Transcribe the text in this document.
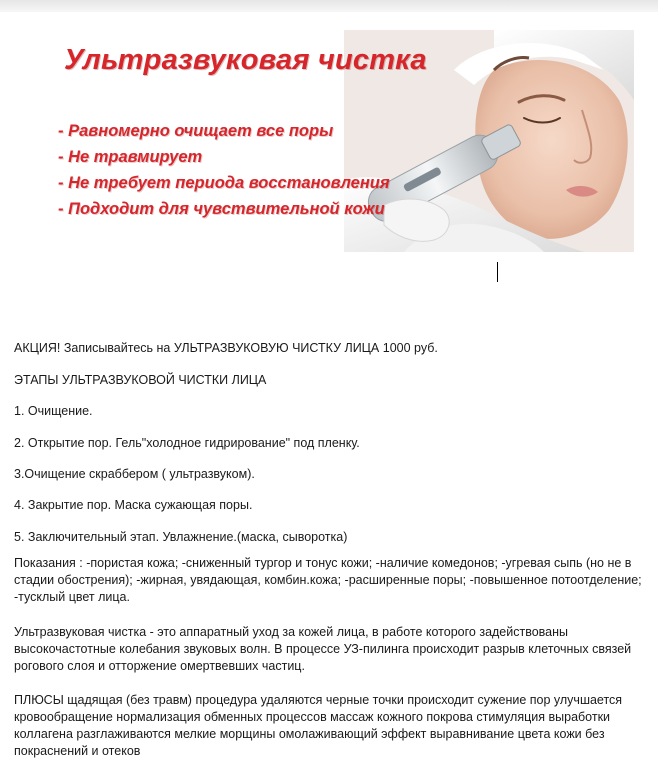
Ультразвуковая чистка
- Равномерно очищает все поры
- Не травмирует
- Не требует периода восстановления
- Подходит для чувствительной кожи

АКЦИЯ! Записывайтесь на УЛЬТРАЗВУКОВУЮ ЧИСТКУ ЛИЦА 1000 руб.

ЭТАПЫ УЛЬТРАЗВУКОВОЙ ЧИСТКИ ЛИЦА

1. Очищение.

2. Открытие пор. Гель"холодное гидрирование" под пленку.

3.Очищение скраббером ( ультразвуком).

4. Закрытие пор. Маска сужающая поры.

5. Заключительный этап. Увлажнение.(маска, сыворотка)

Показания : -пористая кожа; -сниженный тургор и тонус кожи; -наличие комедонов; -угревая сыпь (но не в стадии обострения); -жирная, увядающая, комбин.кожа; -расширенные поры; -повышенное потоотделение; -тусклый цвет лица.

Ультразвуковая чистка - это аппаратный уход за кожей лица, в работе которого задействованы высокочастотные колебания звуковых волн. В процессе УЗ-пилинга происходит разрыв клеточных связей рогового слоя и отторжение омертвевших частиц.

ПЛЮСЫ щадящая (без травм) процедура удаляются черные точки происходит сужение пор улучшается кровообращение нормализация обменных процессов массаж кожного покрова стимуляция выработки коллагена разглаживаются мелкие морщины омолаживающий эффект выравнивание цвета кожи без покраснений и отеков
